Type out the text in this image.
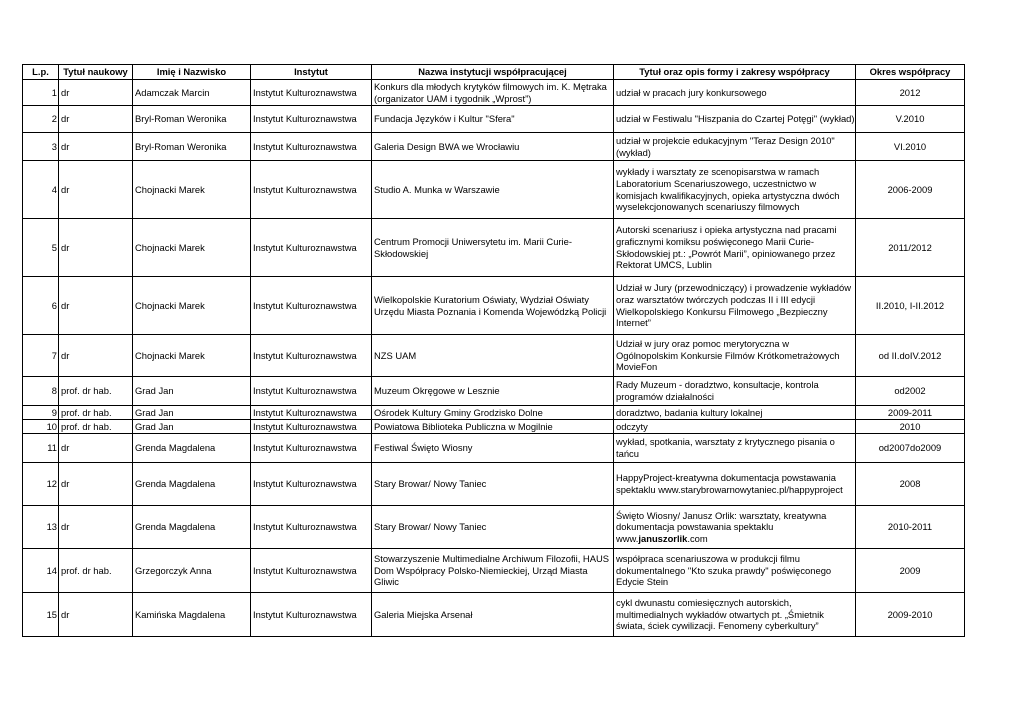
L.p.	Tytuł naukowy	Imię i Nazwisko	Instytut	Nazwa instytucji współpracującej	Tytuł oraz opis formy i zakresy współpracy	Okres współpracy
1	dr	Adamczak Marcin	Instytut Kulturoznawstwa	Konkurs dla młodych krytyków filmowych im. K. Mętraka (organizator UAM i tygodnik „Wprost”)	udział w pracach jury konkursowego	2012
2	dr	Bryl-Roman Weronika	Instytut Kulturoznawstwa	Fundacja Języków i Kultur "Sfera"	udział w Festiwalu "Hiszpania do Czartej Potęgi" (wykład)	V.2010
3	dr	Bryl-Roman Weronika	Instytut Kulturoznawstwa	Galeria Design BWA we Wrocławiu	udział w projekcie edukacyjnym "Teraz Design 2010" (wykład)	VI.2010
4	dr	Chojnacki Marek	Instytut Kulturoznawstwa	Studio A. Munka w Warszawie	wykłady i warsztaty ze scenopisarstwa w ramach Laboratorium Scenariuszowego, uczestnictwo w komisjach kwalifikacyjnych, opieka artystyczna dwóch wyselekcjonowanych scenariuszy filmowych	2006-2009
5	dr	Chojnacki Marek	Instytut Kulturoznawstwa	Centrum Promocji Uniwersytetu im. Marii Curie-Skłodowskiej	Autorski scenariusz i opieka artystyczna nad pracami graficznymi komiksu poświęconego Marii Curie-Skłodowskiej pt.: „Powrót Marii”, opiniowanego przez Rektorat UMCS, Lublin	2011/2012
6	dr	Chojnacki Marek	Instytut Kulturoznawstwa	Wielkopolskie Kuratorium Oświaty, Wydział Oświaty Urzędu Miasta Poznania i Komenda Wojewódzką Policji	Udział w Jury (przewodniczący) i prowadzenie wykładów oraz warsztatów twórczych podczas II i III edycji Wielkopolskiego Konkursu Filmowego „Bezpieczny Internet”	II.2010, I-II.2012
7	dr	Chojnacki Marek	Instytut Kulturoznawstwa	NZS UAM	Udział w jury oraz pomoc merytoryczna w Ogólnopolskim Konkursie Filmów Krótkometrażowych MovieFon	od II.doIV.2012
8	prof. dr hab.	Grad Jan	Instytut Kulturoznawstwa	Muzeum Okręgowe w Lesznie	Rady Muzeum - doradztwo, konsultacje, kontrola programów działalności	od2002
9	prof. dr hab.	Grad Jan	Instytut Kulturoznawstwa	Ośrodek Kultury Gminy Grodzisko Dolne	doradztwo, badania kultury lokalnej	2009-2011
10	prof. dr hab.	Grad Jan	Instytut Kulturoznawstwa	Powiatowa Biblioteka Publiczna w Mogilnie	odczyty	2010
11	dr	Grenda Magdalena	Instytut Kulturoznawstwa	Festiwal Święto Wiosny	wykład, spotkania, warsztaty z krytycznego pisania o tańcu	od2007do2009
12	dr	Grenda Magdalena	Instytut Kulturoznawstwa	Stary Browar/ Nowy Taniec	HappyProject-kreatywna dokumentacja powstawania spektaklu www.starybrowarnowytaniec.pl/happyproject	2008
13	dr	Grenda Magdalena	Instytut Kulturoznawstwa	Stary Browar/ Nowy Taniec	Święto Wiosny/ Janusz Orlik: warsztaty, kreatywna dokumentacja powstawania spektaklu www.januszorlik.com	2010-2011
14	prof. dr hab.	Grzegorczyk Anna	Instytut Kulturoznawstwa	Stowarzyszenie Multimedialne Archiwum Filozofii, HAUS Dom Współpracy Polsko-Niemieckiej, Urząd Miasta Gliwic	współpraca scenariuszowa w produkcji filmu dokumentalnego "Kto szuka prawdy" poświęconego Edycie Stein	2009
15	dr	Kamińska Magdalena	Instytut Kulturoznawstwa	Galeria Miejska Arsenał	cykl dwunastu comiesięcznych autorskich, multimedialnych wykładów otwartych pt. „Śmietnik świata, ściek cywilizacji. Fenomeny cyberkultury”	2009-2010
